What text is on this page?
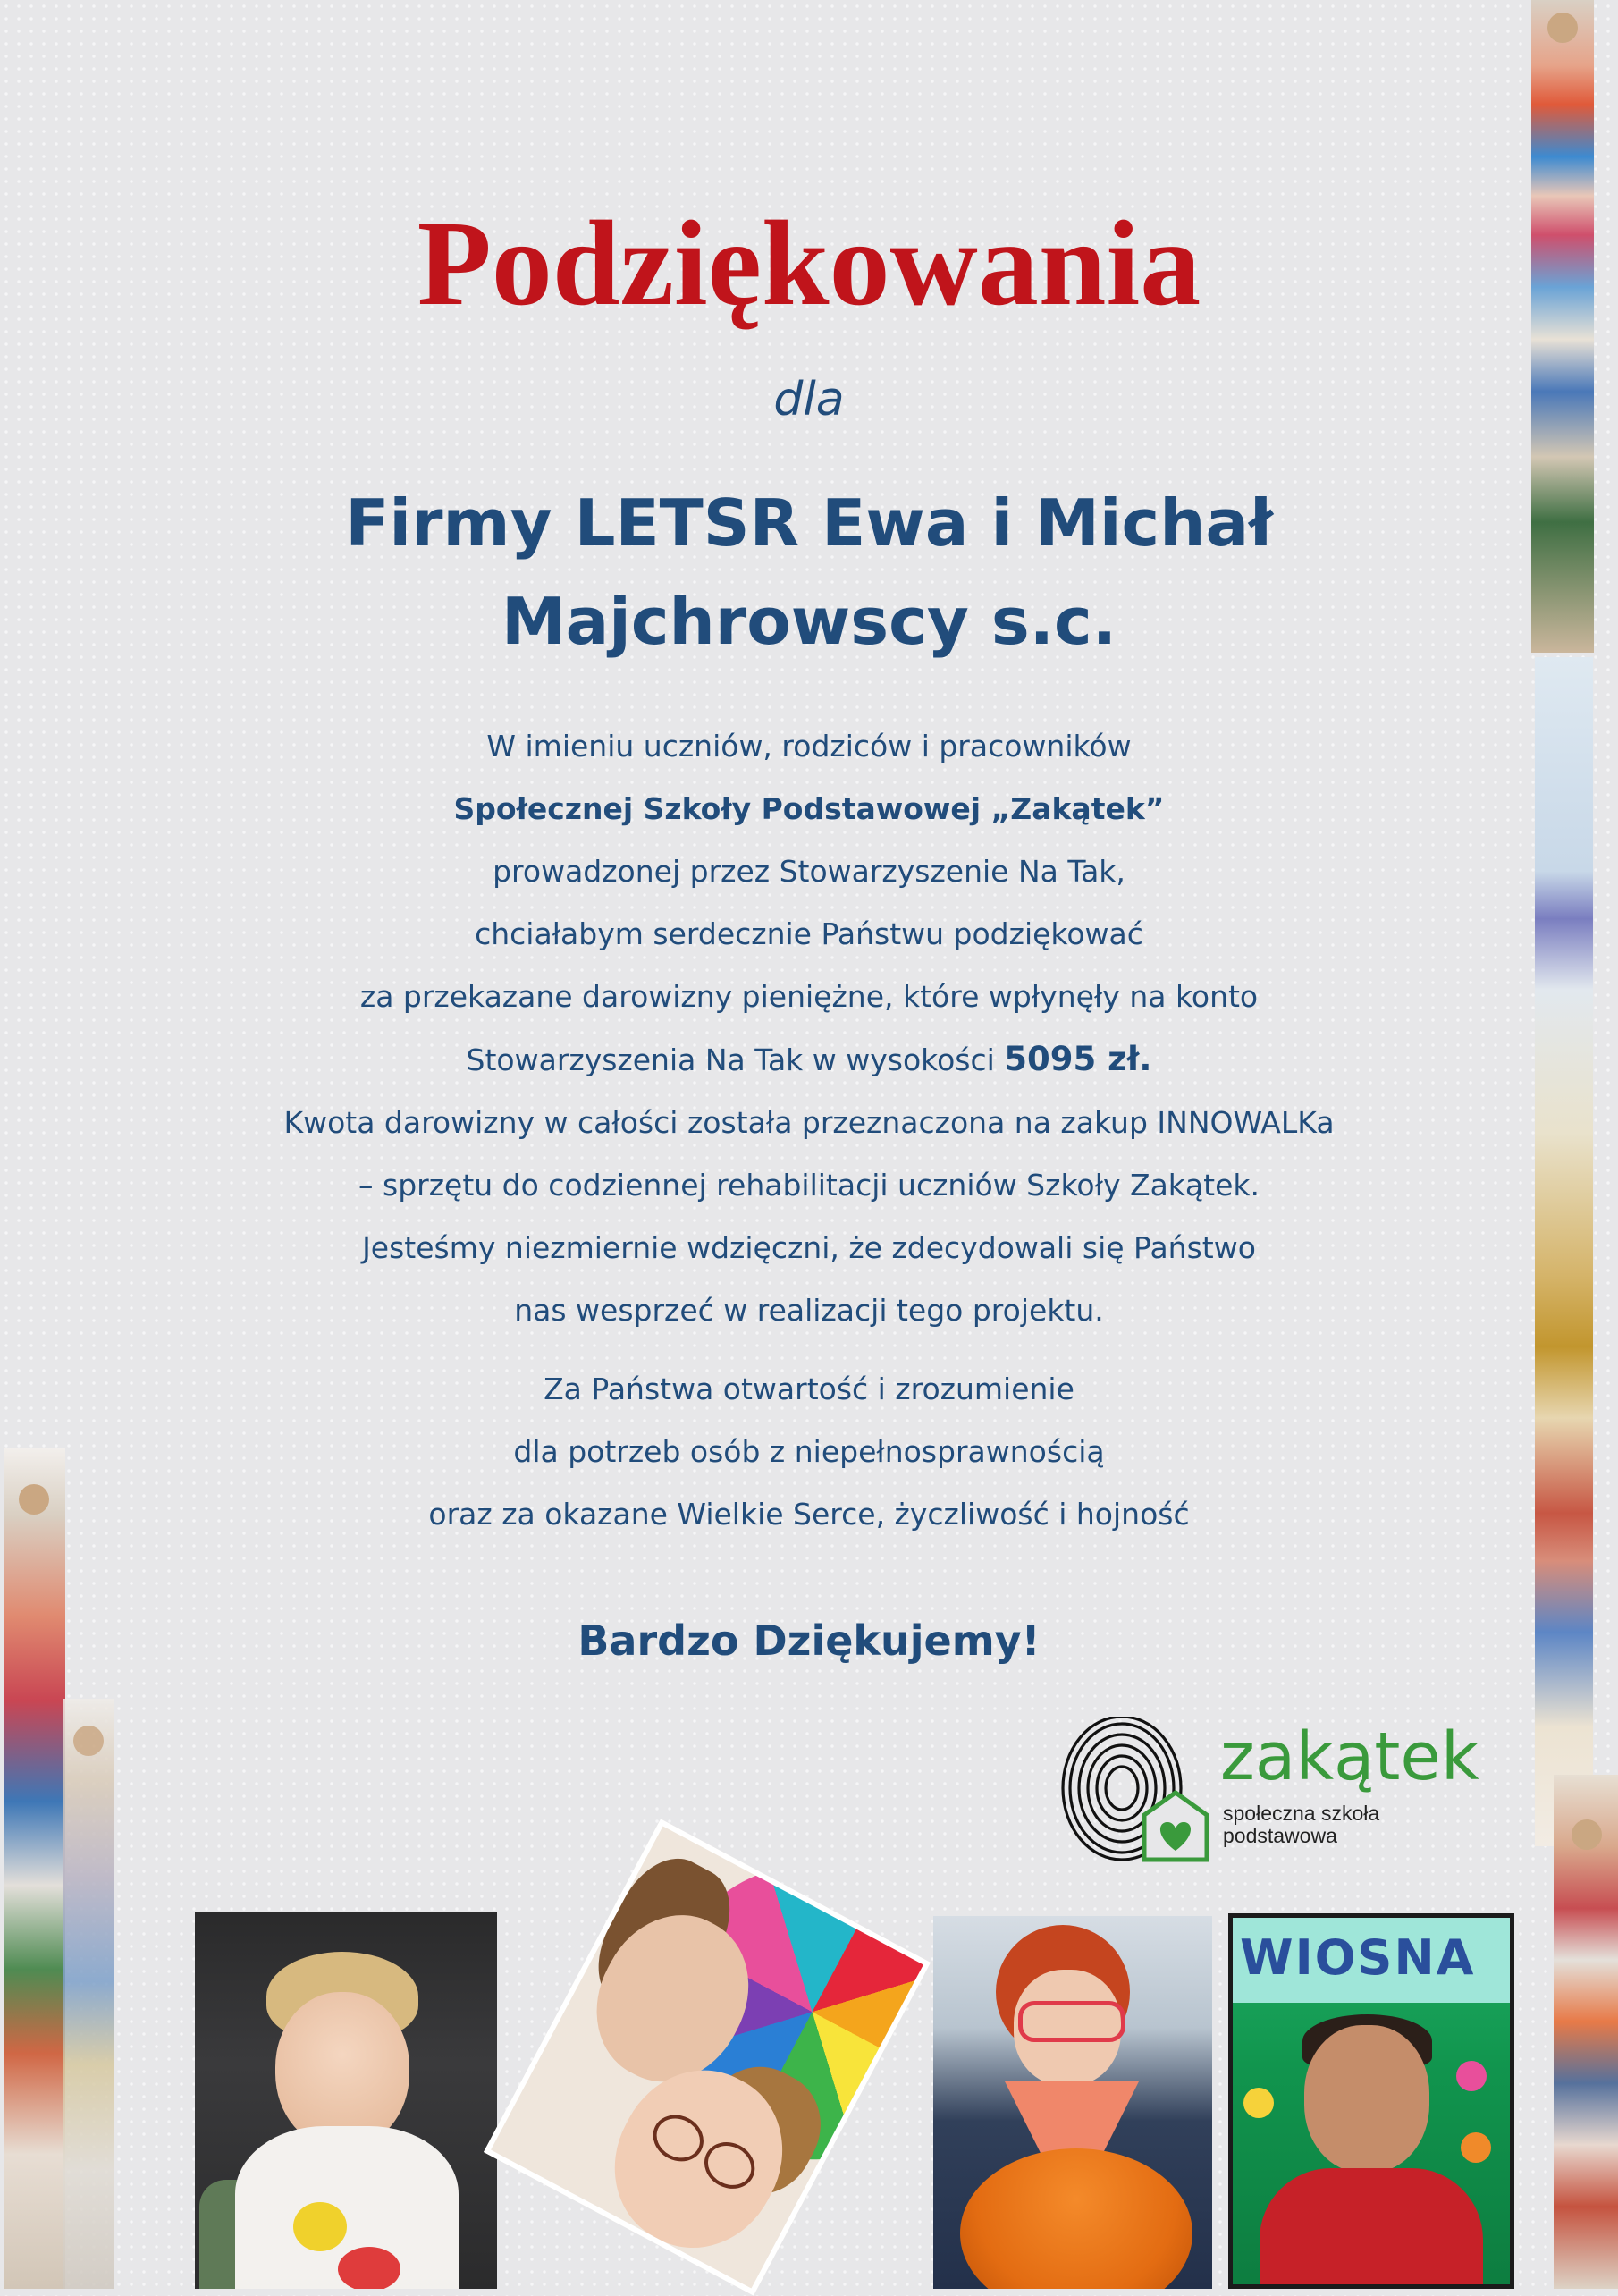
Podziękowania

dla

Firmy LETSR Ewa i Michał
Majchrowscy s.c.

W imieniu uczniów, rodziców i pracowników

Społecznej Szkoły Podstawowej „Zakątek”

prowadzonej przez Stowarzyszenie Na Tak,

chciałabym serdecznie Państwu podziękować

za przekazane darowizny pieniężne, które wpłynęły na konto

Stowarzyszenia Na Tak w wysokości 5095 zł.

Kwota darowizny w całości została przeznaczona na zakup INNOWALKa

– sprzętu do codziennej rehabilitacji uczniów Szkoły Zakątek.

Jesteśmy niezmiernie wdzięczni, że zdecydowali się Państwo

nas wesprzeć w realizacji tego projektu.

Za Państwa otwartość i zrozumienie

dla potrzeb osób z niepełnosprawnością

oraz za okazane Wielkie Serce, życzliwość i hojność

Bardzo Dziękujemy!

zakątek

społeczna szkoła
podstawowa

WIOSNA
